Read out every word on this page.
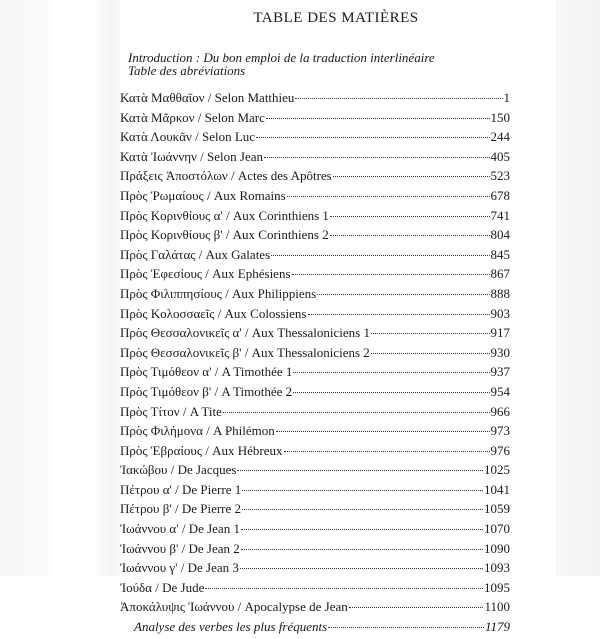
TABLE DES MATIÈRES
Introduction : Du bon emploi de la traduction interlinéaire
Table des abréviations
Κατὰ Μαθθαῖον / Selon Matthieu	1
Κατὰ Μᾶρκον / Selon Marc	150
Κατὰ Λουκᾶν / Selon Luc	244
Κατὰ Ἰωάννην / Selon Jean	405
Πράξεις Ἀποστόλων / Actes des Apôtres	523
Πρὸς Ῥωμαίους / Aux Romains	678
Πρὸς Κορινθίους α' / Aux Corinthiens 1	741
Πρὸς Κορινθίους β' / Aux Corinthiens 2	804
Πρὸς Γαλάτας / Aux Galates	845
Πρὸς Ἐφεσίους / Aux Ephésiens	867
Πρὸς Φιλιππησίους / Aux Philippiens	888
Πρὸς Κολοσσαεῖς / Aux Colossiens	903
Πρὸς Θεσσαλονικεῖς α' / Aux Thessaloniciens 1	917
Πρὸς Θεσσαλονικεῖς β' / Aux Thessaloniciens 2	930
Πρὸς Τιμόθεον α' / A Timothée 1	937
Πρὸς Τιμόθεον β' / A Timothée 2	954
Πρὸς Τίτον / A Tite	966
Πρὸς Φιλήμονα / A Philémon	973
Πρὸς Ἑβραίους / Aux Hébreux	976
Ἰακώβου / De Jacques	1025
Πέτρου α' / De Pierre 1	1041
Πέτρου β' / De Pierre 2	1059
Ἰωάννου α' / De Jean 1	1070
Ἰωάννου β' / De Jean 2	1090
Ἰωάννου γ' / De Jean 3	1093
Ἰούδα / De Jude	1095
Ἀποκάλυψις Ἰωάννου / Apocalypse de Jean	1100
Analyse des verbes les plus fréquents	1179
